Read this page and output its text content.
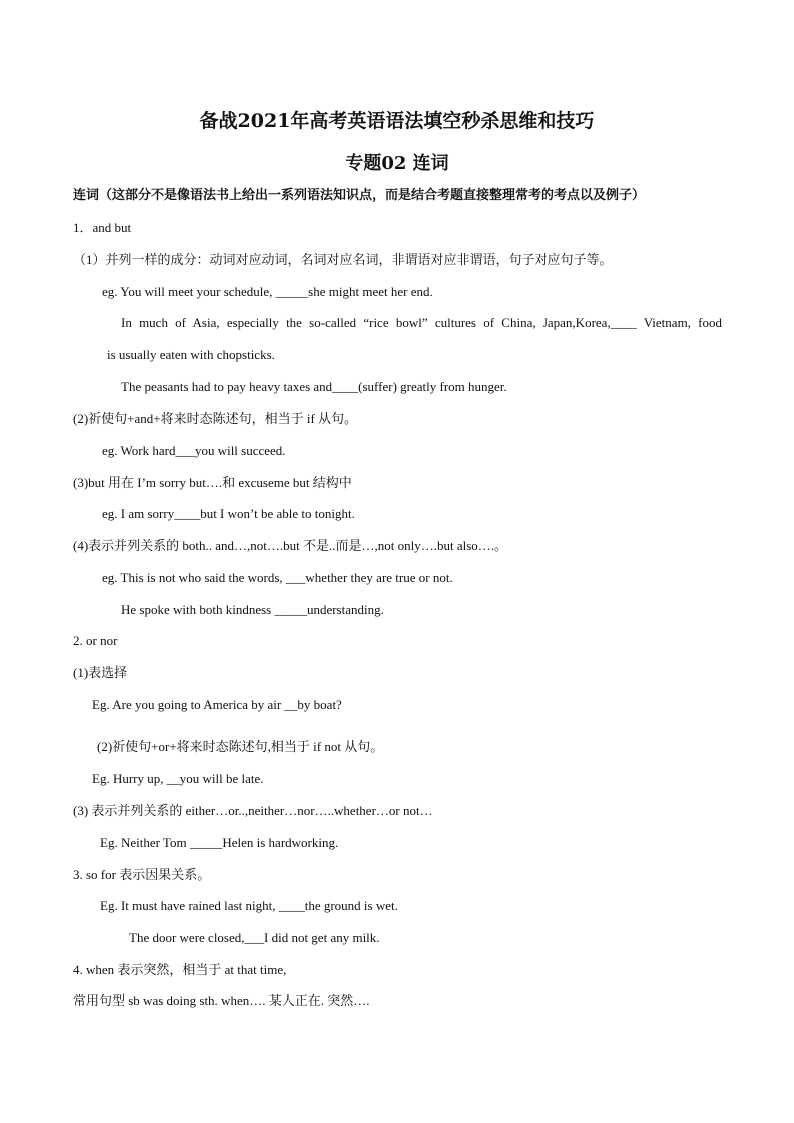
备战2021年高考英语语法填空秒杀思维和技巧
专题02 连词
连词（这部分不是像语法书上给出一系列语法知识点，而是结合考题直接整理常考的考点以及例子）
1．and but
（1）并列一样的成分：动词对应动词，名词对应名词，非谓语对应非谓语，句子对应句子等。
eg. You will meet your schedule, _____she might meet her end.
In much of Asia, especially the so-called “rice bowl” cultures of China, Japan,Korea,____ Vietnam, food
is usually eaten with chopsticks.
The peasants had to pay heavy taxes and____(suffer) greatly from hunger.
(2)祈使句+and+将来时态陈述句，相当于 if 从句。
eg. Work hard___you will succeed.
(3)but 用在 I’m sorry but….和 excuseme but 结构中
eg. I am sorry____but I won’t be able to tonight.
(4)表示并列关系的 both.. and…,not….but 不是..而是…,not only….but also….。
eg. This is not who said the words, ___whether they are true or not.
He spoke with both kindness _____understanding.
2. or nor
(1)表选择
Eg. Are you going to America by air __by boat?
(2)祈使句+or+将来时态陈述句,相当于 if not 从句。
Eg. Hurry up, __you will be late.
(3) 表示并列关系的 either…or..,neither…nor…..whether…or not…
Eg. Neither Tom _____Helen is hardworking.
3. so for 表示因果关系。
Eg. It must have rained last night, ____the ground is wet.
The door were closed,___I did not get any milk.
4. when 表示突然，相当于 at that time,
常用句型 sb was doing sth. when…. 某人正在. 突然….
